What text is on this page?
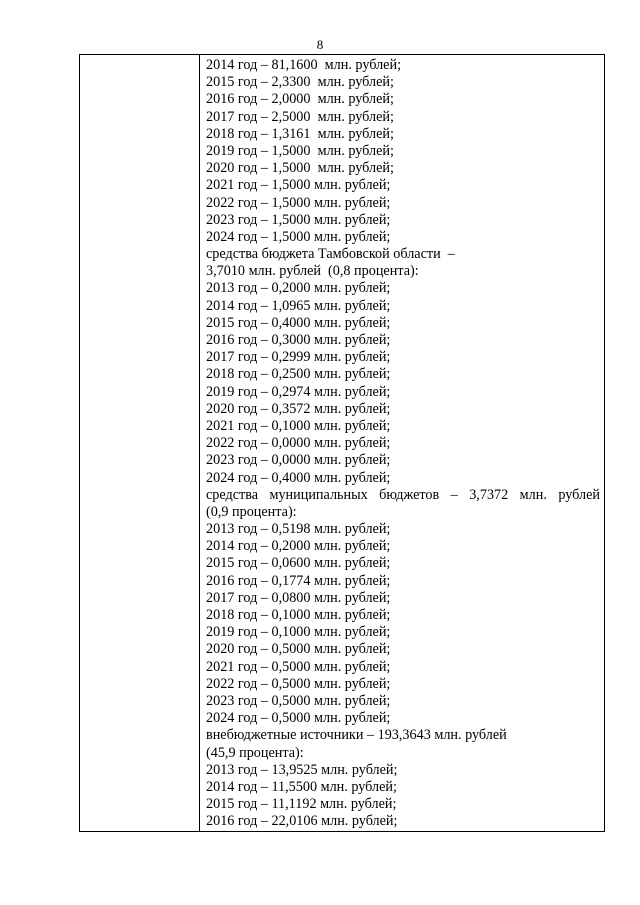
8
2014 год – 81,1600  млн. рублей;
2015 год – 2,3300  млн. рублей;
2016 год – 2,0000  млн. рублей;
2017 год – 2,5000  млн. рублей;
2018 год – 1,3161  млн. рублей;
2019 год – 1,5000  млн. рублей;
2020 год – 1,5000  млн. рублей;
2021 год – 1,5000 млн. рублей;
2022 год – 1,5000 млн. рублей;
2023 год – 1,5000 млн. рублей;
2024 год – 1,5000 млн. рублей;
средства бюджета Тамбовской области  –
3,7010 млн. рублей  (0,8 процента):
2013 год – 0,2000 млн. рублей;
2014 год – 1,0965 млн. рублей;
2015 год – 0,4000 млн. рублей;
2016 год – 0,3000 млн. рублей;
2017 год – 0,2999 млн. рублей;
2018 год – 0,2500 млн. рублей;
2019 год – 0,2974 млн. рублей;
2020 год – 0,3572 млн. рублей;
2021 год – 0,1000 млн. рублей;
2022 год – 0,0000 млн. рублей;
2023 год – 0,0000 млн. рублей;
2024 год – 0,4000 млн. рублей;
средства муниципальных бюджетов – 3,7372 млн. рублей
(0,9 процента):
2013 год – 0,5198 млн. рублей;
2014 год – 0,2000 млн. рублей;
2015 год – 0,0600 млн. рублей;
2016 год – 0,1774 млн. рублей;
2017 год – 0,0800 млн. рублей;
2018 год – 0,1000 млн. рублей;
2019 год – 0,1000 млн. рублей;
2020 год – 0,5000 млн. рублей;
2021 год – 0,5000 млн. рублей;
2022 год – 0,5000 млн. рублей;
2023 год – 0,5000 млн. рублей;
2024 год – 0,5000 млн. рублей;
внебюджетные источники – 193,3643 млн. рублей
(45,9 процента):
2013 год – 13,9525 млн. рублей;
2014 год – 11,5500 млн. рублей;
2015 год – 11,1192 млн. рублей;
2016 год – 22,0106 млн. рублей;
